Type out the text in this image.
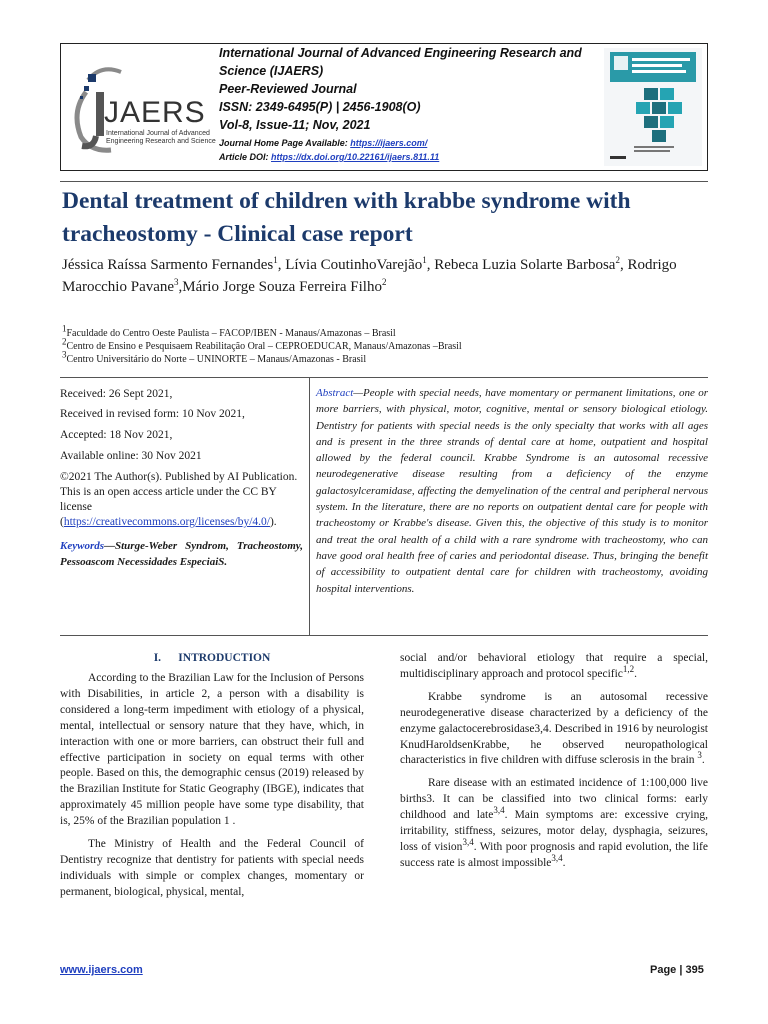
JAERS
International Journal of Advanced
Engineering Research and Science
International Journal of Advanced Engineering Research and Science (IJAERS)
Peer-Reviewed Journal
ISSN: 2349-6495(P) | 2456-1908(O)
Vol-8, Issue-11; Nov, 2021
Journal Home Page Available: https://ijaers.com/
Article DOI: https://dx.doi.org/10.22161/ijaers.811.11
Dental treatment of children with krabbe syndrome with tracheostomy - Clinical case report
Jéssica Raíssa Sarmento Fernandes$^1$, Lívia CoutinhoVarejão$^1$, Rebeca Luzia Solarte Barbosa$^2$, Rodrigo Marocchio Pavane$^3$,Mário Jorge Souza Ferreira Filho$^2$
$^1$Faculdade do Centro Oeste Paulista – FACOP/IBEN - Manaus/Amazonas – Brasil
$^2$Centro de Ensino e Pesquisaem Reabilitação Oral – CEPROEDUCAR, Manaus/Amazonas –Brasil
$^3$Centro Universitário do Norte – UNINORTE – Manaus/Amazonas - Brasil
Received: 26 Sept 2021,
Received in revised form: 10 Nov 2021,
Accepted: 18 Nov 2021,
Available online: 30 Nov 2021
©2021 The Author(s). Published by AI Publication. This is an open access article under the CC BY license (https://creativecommons.org/licenses/by/4.0/).
Keywords—Sturge-Weber Syndrom, Tracheostomy, Pessoascom Necessidades EspeciaiS.
Abstract—People with special needs, have momentary or permanent limitations, one or more barriers, with physical, motor, cognitive, mental or sensory biological etiology. Dentistry for patients with special needs is the only specialty that works with all ages and is present in the three strands of dental care at home, outpatient and hospital allowed by the federal council. Krabbe Syndrome is an autosomal recessive neurodegenerative disease resulting from a deficiency of the enzyme galactosylceramidase, affecting the demyelination of the central and peripheral nervous system. In the literature, there are no reports on outpatient dental care for people with tracheostomy or Krabbe's disease. Given this, the objective of this study is to monitor and treat the oral health of a child with a rare syndrome with tracheostomy, who can have good oral health free of caries and periodontal disease. Thus, bringing the benefit of accessibility to outpatient dental care for children with tracheostomy, avoiding hospital interventions.
I.      INTRODUCTION

According to the Brazilian Law for the Inclusion of Persons with Disabilities, in article 2, a person with a disability is considered a long-term impediment with etiology of a physical, mental, intellectual or sensory nature that they have, which, in interaction with one or more barriers, can obstruct their full and effective participation in society on equal terms with other people. Based on this, the demographic census (2019) released by the Brazilian Institute for Static Geography (IBGE), indicates that approximately 45 million people have some type disability, that is, 25% of the Brazilian population 1 .

The Ministry of Health and the Federal Council of Dentistry recognize that dentistry for patients with special needs individuals with simple or complex changes, momentary or permanent, biological, physical, mental,

social and/or behavioral etiology that require a special, multidisciplinary approach and protocol specific$^{1,2}$.

Krabbe syndrome is an autosomal recessive neurodegenerative disease characterized by a deficiency of the enzyme galactocerebrosidase3,4. Described in 1916 by neurologist KnudHaroldsenKrabbe, he observed neuropathological characteristics in five children with diffuse sclerosis in the brain $^3$.

Rare disease with an estimated incidence of 1:100,000 live births3. It can be classified into two clinical forms: early childhood and late$^{3,4}$. Main symptoms are: excessive crying, irritability, stiffness, seizures, motor delay, dysphagia, seizures, loss of vision$^{3,4}$. With poor prognosis and rapid evolution, the life success rate is almost impossible$^{3,4}$.

www.ijaers.com	Page | 395
